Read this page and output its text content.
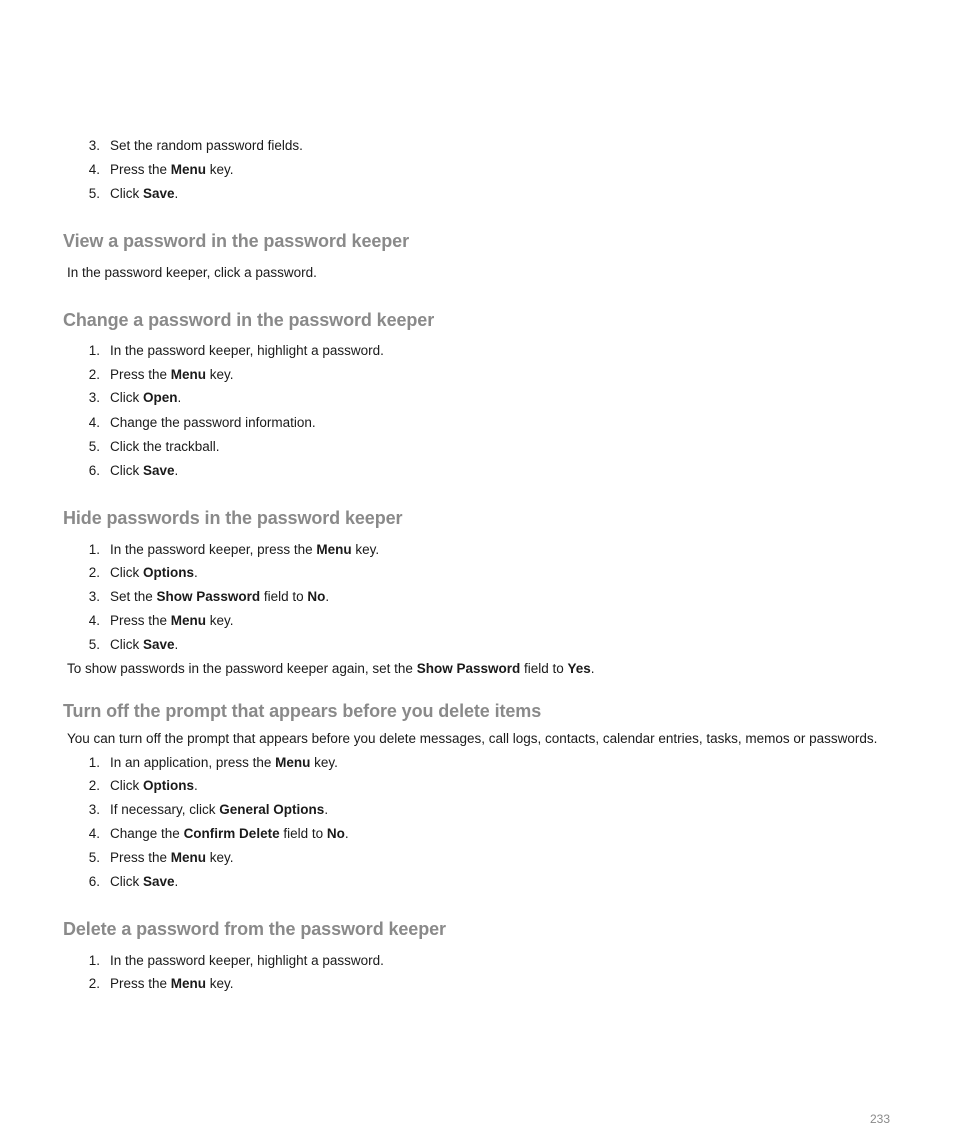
3. Set the random password fields.
4. Press the Menu key.
5. Click Save.
View a password in the password keeper

In the password keeper, click a password.

Change a password in the password keeper
1. In the password keeper, highlight a password.
2. Press the Menu key.
3. Click Open.
4. Change the password information.
5. Click the trackball.
6. Click Save.
Hide passwords in the password keeper
1. In the password keeper, press the Menu key.
2. Click Options.
3. Set the Show Password field to No.
4. Press the Menu key.
5. Click Save.

To show passwords in the password keeper again, set the Show Password field to Yes.

Turn off the prompt that appears before you delete items

You can turn off the prompt that appears before you delete messages, call logs, contacts, calendar entries, tasks, memos or passwords.

1. In an application, press the Menu key.
2. Click Options.
3. If necessary, click General Options.
4. Change the Confirm Delete field to No.
5. Press the Menu key.
6. Click Save.
Delete a password from the password keeper
1. In the password keeper, highlight a password.
2. Press the Menu key.
233
